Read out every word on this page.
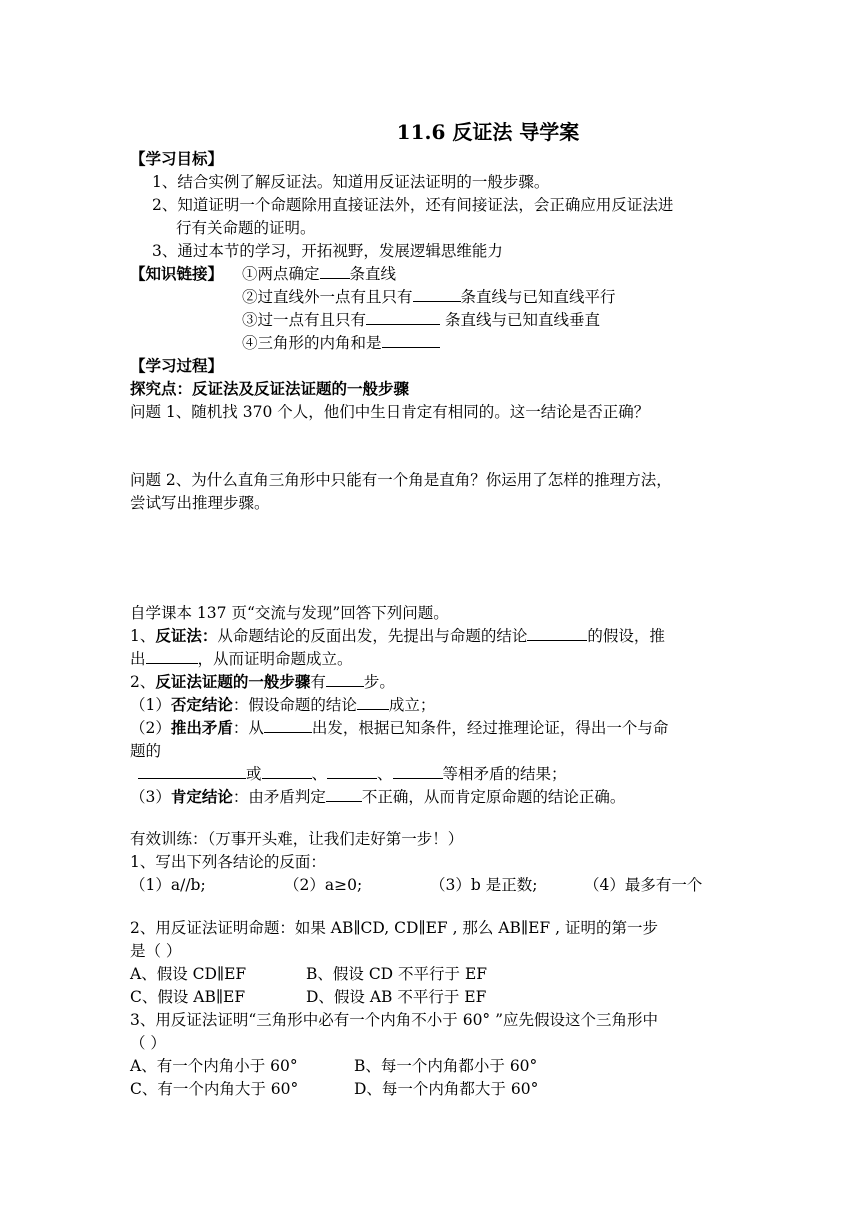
11.6 反证法 导学案
【学习目标】
1、结合实例了解反证法。知道用反证法证明的一般步骤。
2、知道证明一个命题除用直接证法外，还有间接证法，会正确应用反证法进
行有关命题的证明。
3、通过本节的学习，开拓视野，发展逻辑思维能力
【知识链接】 ①两点确定 条直线
②过直线外一点有且只有	条直线与已知直线平行
③过一点有且只有	条直线与已知直线垂直
④三角形的内角和是
【学习过程】
探究点：反证法及反证法证题的一般步骤
问题 1、随机找 370 个人，他们中生日肯定有相同的。这一结论是否正确？
问题 2、为什么直角三角形中只能有一个角是直角？你运用了怎样的推理方法，
尝试写出推理步骤。
自学课本 137 页“交流与发现”回答下列问题。
1、反证法：从命题结论的反面出发，先提出与命题的结论	的假设，推
出	，从而证明命题成立。
2、反证法证题的一般步骤有 步。
（1）否定结论：假设命题的结论 成立；
（2）推出矛盾：从	出发，根据已知条件，经过推理论证，得出一个与命
题的
或	、	、	等相矛盾的结果；
（3）肯定结论：由矛盾判定 不正确，从而肯定原命题的结论正确。
有效训练：（万事开头难，让我们走好第一步！）
1、写出下列各结论的反面：
（1）a//b;	（2）a≥0;	（3）b 是正数;	（4）最多有一个
2、用反证法证明命题：如果 AB∥CD, CD∥EF , 那么 AB∥EF , 证明的第一步
是（ ）
A、假设 CD∥EF	B、假设 CD 不平行于 EF
C、假设 AB∥EF	D、假设 AB 不平行于 EF
3、用反证法证明“三角形中必有一个内角不小于 60° ”应先假设这个三角形中
（ ）
A、有一个内角小于 60°	B、每一个内角都小于 60°
C、有一个内角大于 60°	D、每一个内角都大于 60°
